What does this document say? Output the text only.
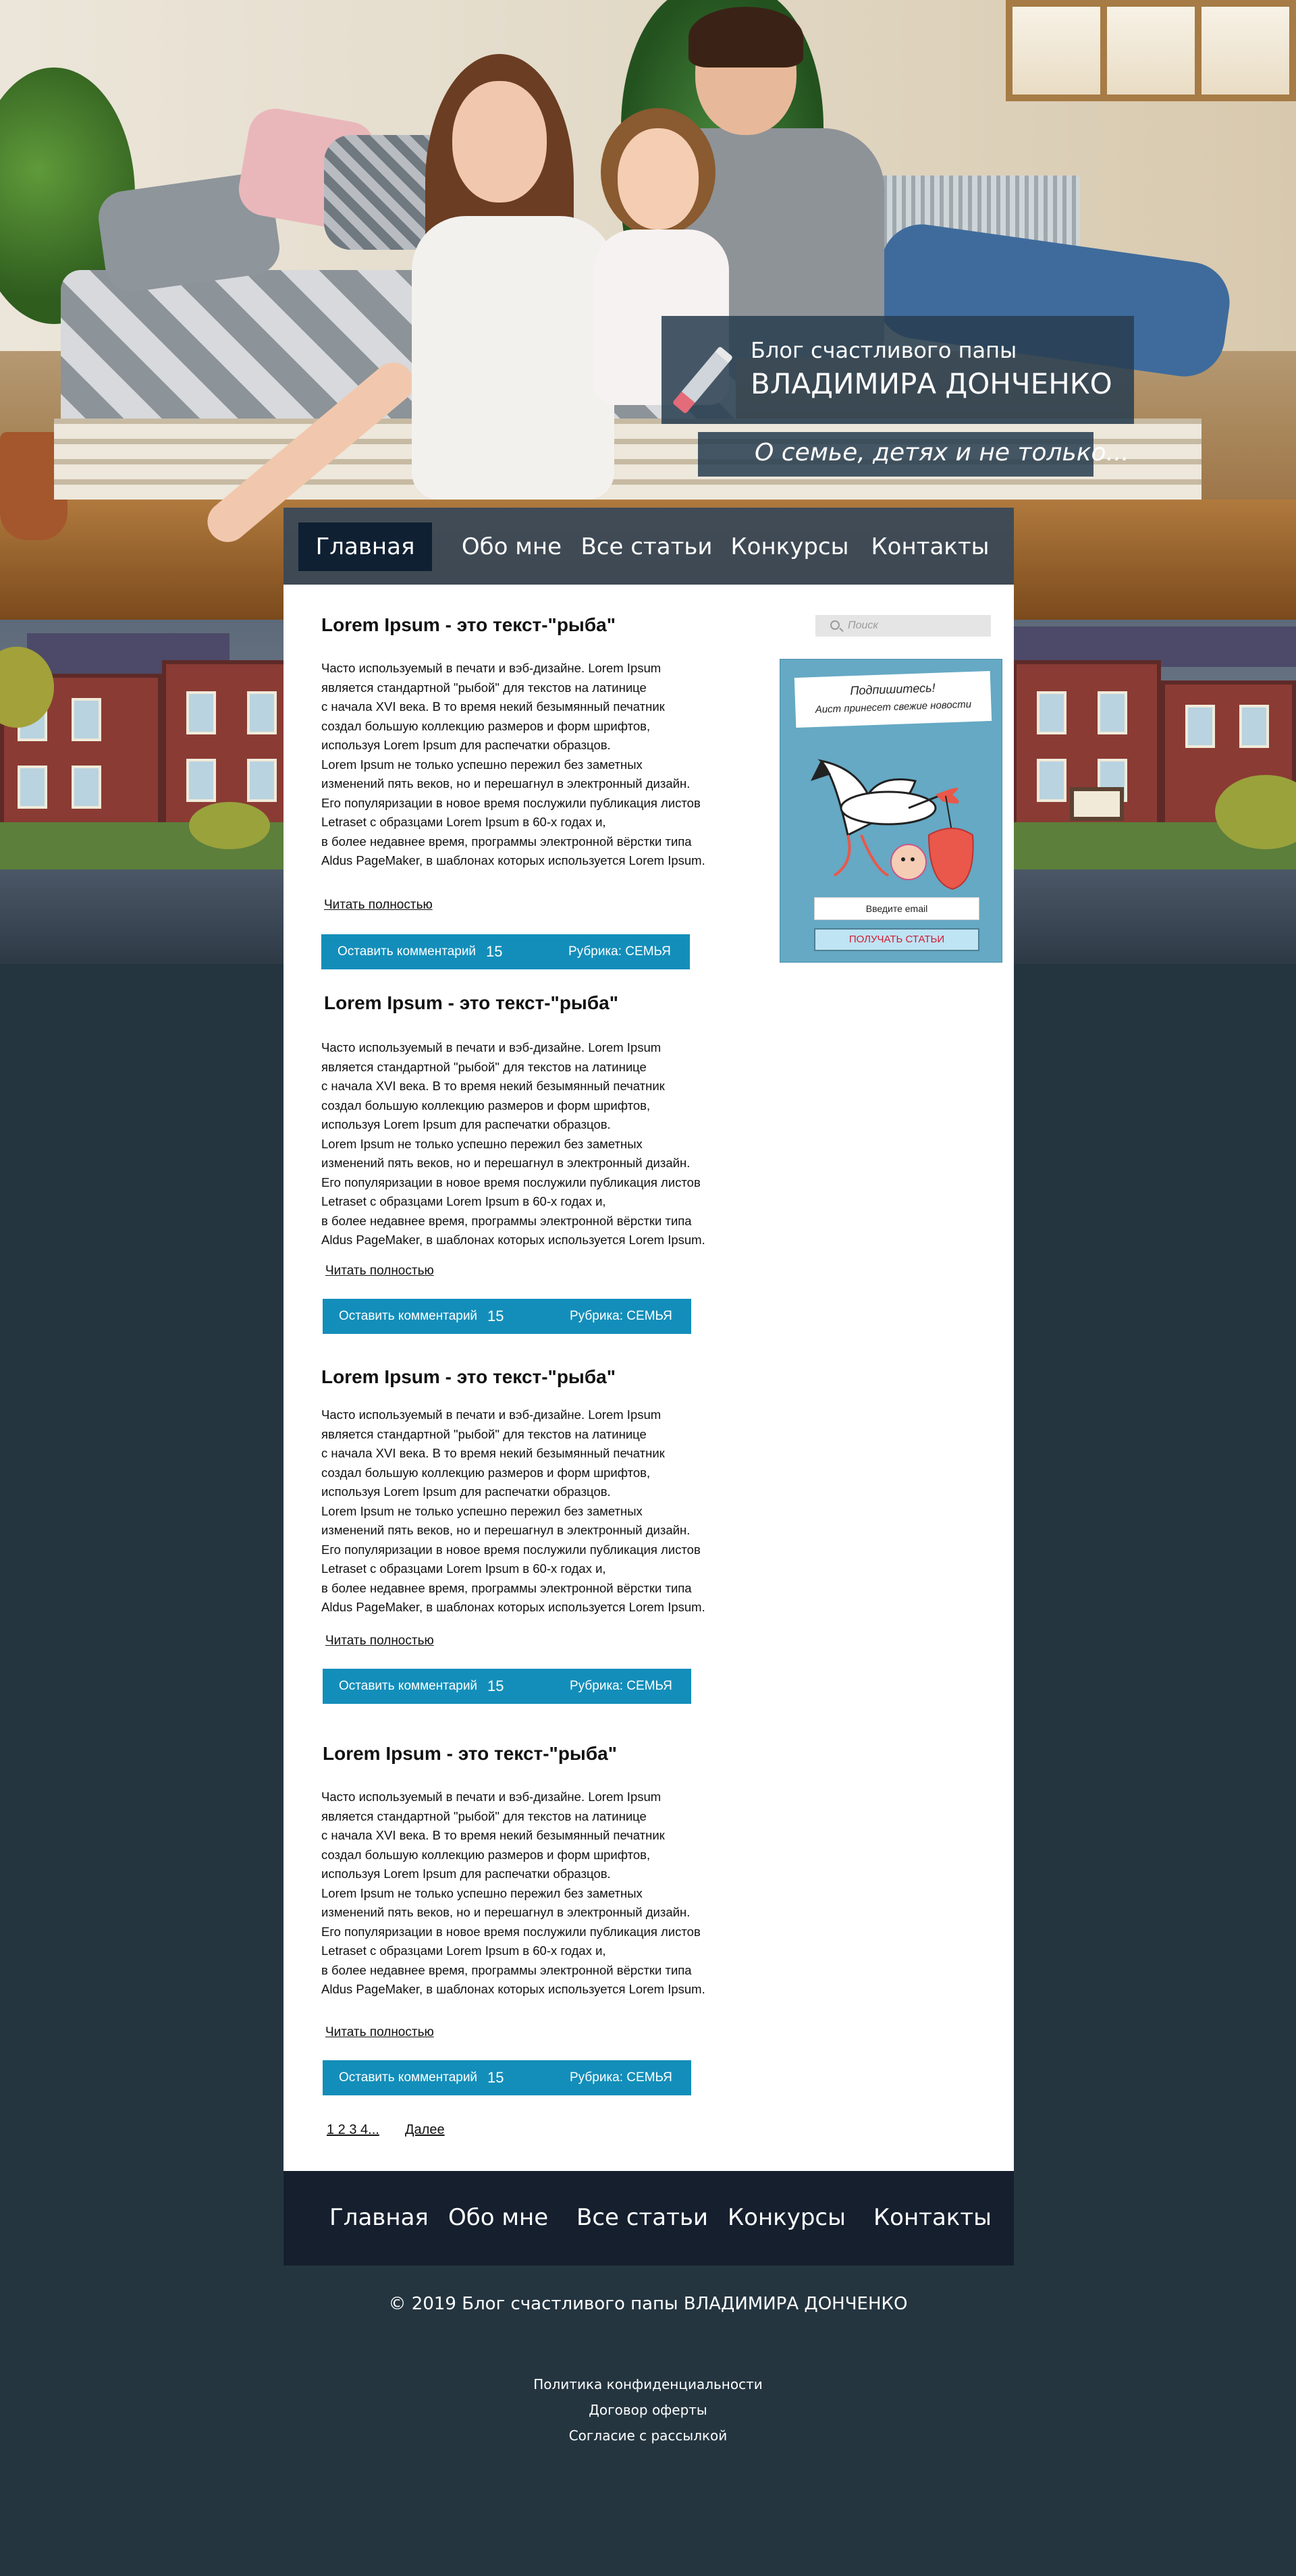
Блог счастливого папы
ВЛАДИМИРА ДОНЧЕНКО
О семье, детях и не только...
Главная	Обо мне Все статьи Конкурсы Контакты
Поиск
Подпишитесь!
Аист принесет свежие новости
Введите email
ПОЛУЧАТЬ СТАТЬИ
Lorem Ipsum - это текст-"рыба"
Часто используемый в печати и вэб-дизайне. Lorem Ipsum
является стандартной "рыбой" для текстов на латинице
с начала XVI века. В то время некий безымянный печатник
создал большую коллекцию размеров и форм шрифтов,
используя Lorem Ipsum для распечатки образцов.
Lorem Ipsum не только успешно пережил без заметных
изменений пять веков, но и перешагнул в электронный дизайн.
Его популяризации в новое время послужили публикация листов
Letraset с образцами Lorem Ipsum в 60-х годах и,
в более недавнее время, программы электронной вёрстки типа
Aldus PageMaker, в шаблонах которых используется Lorem Ipsum.
Читать полностью
Оставить комментарий 15	Рубрика: СЕМЬЯ
Lorem Ipsum - это текст-"рыба"
Часто используемый в печати и вэб-дизайне. Lorem Ipsum
является стандартной "рыбой" для текстов на латинице
с начала XVI века. В то время некий безымянный печатник
создал большую коллекцию размеров и форм шрифтов,
используя Lorem Ipsum для распечатки образцов.
Lorem Ipsum не только успешно пережил без заметных
изменений пять веков, но и перешагнул в электронный дизайн.
Его популяризации в новое время послужили публикация листов
Letraset с образцами Lorem Ipsum в 60-х годах и,
в более недавнее время, программы электронной вёрстки типа
Aldus PageMaker, в шаблонах которых используется Lorem Ipsum.
Читать полностью
Оставить комментарий 15	Рубрика: СЕМЬЯ
Lorem Ipsum - это текст-"рыба"
Часто используемый в печати и вэб-дизайне. Lorem Ipsum
является стандартной "рыбой" для текстов на латинице
с начала XVI века. В то время некий безымянный печатник
создал большую коллекцию размеров и форм шрифтов,
используя Lorem Ipsum для распечатки образцов.
Lorem Ipsum не только успешно пережил без заметных
изменений пять веков, но и перешагнул в электронный дизайн.
Его популяризации в новое время послужили публикация листов
Letraset с образцами Lorem Ipsum в 60-х годах и,
в более недавнее время, программы электронной вёрстки типа
Aldus PageMaker, в шаблонах которых используется Lorem Ipsum.
Читать полностью
Оставить комментарий 15	Рубрика: СЕМЬЯ
Lorem Ipsum - это текст-"рыба"
Часто используемый в печати и вэб-дизайне. Lorem Ipsum
является стандартной "рыбой" для текстов на латинице
с начала XVI века. В то время некий безымянный печатник
создал большую коллекцию размеров и форм шрифтов,
используя Lorem Ipsum для распечатки образцов.
Lorem Ipsum не только успешно пережил без заметных
изменений пять веков, но и перешагнул в электронный дизайн.
Его популяризации в новое время послужили публикация листов
Letraset с образцами Lorem Ipsum в 60-х годах и,
в более недавнее время, программы электронной вёрстки типа
Aldus PageMaker, в шаблонах которых используется Lorem Ipsum.
Читать полностью
Оставить комментарий 15	Рубрика: СЕМЬЯ
1 2 3 4... Далее
Главная Обо мне Все статьи Конкурсы Контакты
© 2019 Блог счастливого папы ВЛАДИМИРА ДОНЧЕНКО
Политика конфиденциальности
Договор оферты
Согласие с рассылкой
